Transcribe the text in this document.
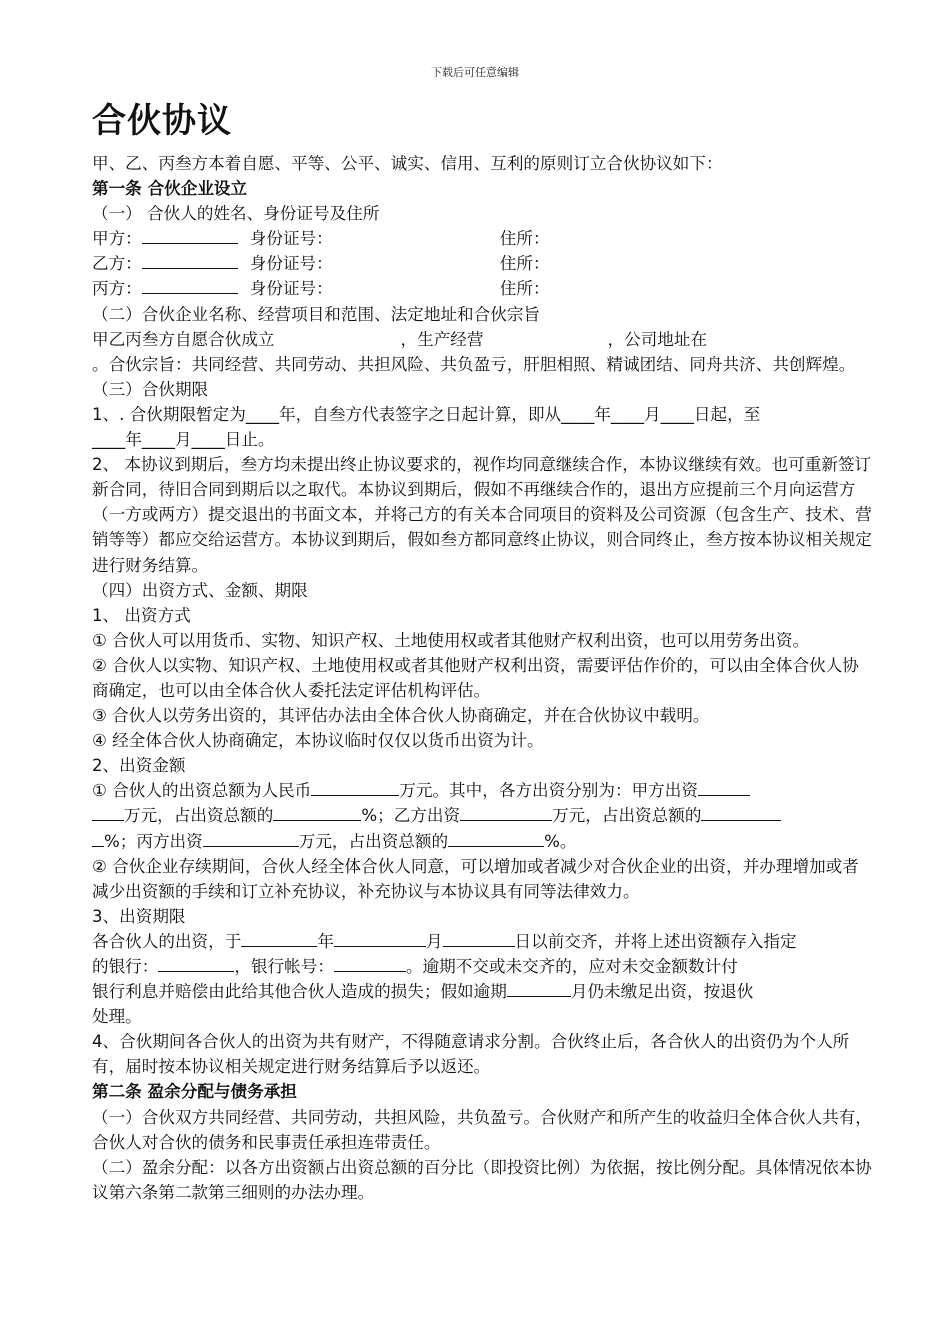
下载后可任意编辑
合伙协议

甲、乙、丙叁方本着自愿、平等、公平、诚实、信用、互利的原则订立合伙协议如下：

第一条 合伙企业设立

（一） 合伙人的姓名、身份证号及住所

甲方：	身份证号：	住所：

乙方：	身份证号：	住所：

丙方：	身份证号：	住所：

（二）合伙企业名称、经营项目和范围、法定地址和合伙宗旨

甲乙丙叁方自愿合伙成立	，生产经营	，公司地址在

。合伙宗旨：共同经营、共同劳动、共担风险、共负盈亏，肝胆相照、精诚团结、同舟共济、共创辉煌。

（三）合伙期限

1、. 合伙期限暂定为____年，自叁方代表签字之日起计算，即从____年____月____日起，至

____年____月____日止。

2、 本协议到期后，叁方均未提出终止协议要求的，视作均同意继续合作，本协议继续有效。也可重新签订新合同，待旧合同到期后以之取代。本协议到期后，假如不再继续合作的，退出方应提前三个月向运营方（一方或两方）提交退出的书面文本，并将己方的有关本合同项目的资料及公司资源（包含生产、技术、营销等等）都应交给运营方。本协议到期后，假如叁方都同意终止协议，则合同终止，叁方按本协议相关规定进行财务结算。

（四）出资方式、金额、期限

1、 出资方式

① 合伙人可以用货币、实物、知识产权、土地使用权或者其他财产权利出资，也可以用劳务出资。

② 合伙人以实物、知识产权、土地使用权或者其他财产权利出资，需要评估作价的，可以由全体合伙人协商确定，也可以由全体合伙人委托法定评估机构评估。

③ 合伙人以劳务出资的，其评估办法由全体合伙人协商确定，并在合伙协议中载明。

④ 经全体合伙人协商确定，本协议临时仅仅以货币出资为计。

2、出资金额

① 合伙人的出资总额为人民币	万元。其中，各方出资分别为：甲方出资

万元，占出资总额的	%；乙方出资	万元，占出资总额的

%；丙方出资	万元，占出资总额的	%。

② 合伙企业存续期间，合伙人经全体合伙人同意，可以增加或者减少对合伙企业的出资，并办理增加或者减少出资额的手续和订立补充协议，补充协议与本协议具有同等法律效力。

3、出资期限

各合伙人的出资，于	年	月	日以前交齐，并将上述出资额存入指定

的银行：	，银行帐号：	。逾期不交或未交齐的，应对未交金额数计付

银行利息并赔偿由此给其他合伙人造成的损失；假如逾期	月仍未缴足出资，按退伙

处理。

4、合伙期间各合伙人的出资为共有财产，不得随意请求分割。合伙终止后，各合伙人的出资仍为个人所有，届时按本协议相关规定进行财务结算后予以返还。

第二条 盈余分配与债务承担

（一）合伙双方共同经营、共同劳动，共担风险，共负盈亏。合伙财产和所产生的收益归全体合伙人共有，合伙人对合伙的债务和民事责任承担连带责任。

（二）盈余分配：以各方出资额占出资总额的百分比（即投资比例）为依据，按比例分配。具体情况依本协议第六条第二款第三细则的办法办理。
